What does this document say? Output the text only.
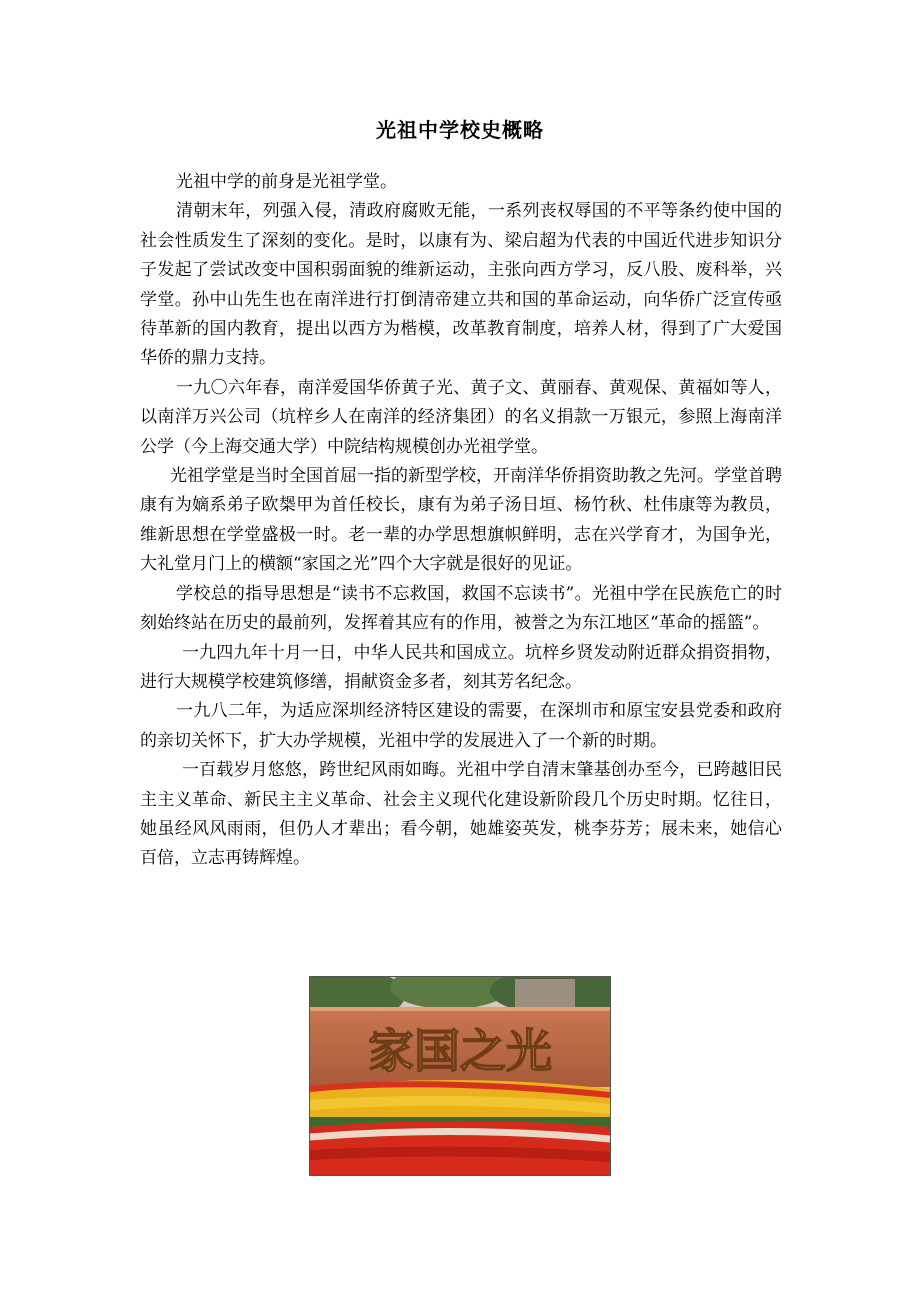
光祖中学校史概略

光祖中学的前身是光祖学堂。

清朝末年，列强入侵，清政府腐败无能，一系列丧权辱国的不平等条约使中国的社会性质发生了深刻的变化。是时，以康有为、梁启超为代表的中国近代进步知识分子发起了尝试改变中国积弱面貌的维新运动，主张向西方学习，反八股、废科举，兴学堂。孙中山先生也在南洋进行打倒清帝建立共和国的革命运动，向华侨广泛宣传亟待革新的国内教育，提出以西方为楷模，改革教育制度，培养人材，得到了广大爱国华侨的鼎力支持。

一九〇六年春，南洋爱国华侨黄子光、黄子文、黄丽春、黄观保、黄福如等人，以南洋万兴公司（坑梓乡人在南洋的经济集团）的名义捐款一万银元，参照上海南洋公学（今上海交通大学）中院结构规模创办光祖学堂。

光祖学堂是当时全国首屈一指的新型学校，开南洋华侨捐资助教之先河。学堂首聘康有为嫡系弟子欧椝甲为首任校长，康有为弟子汤日垣、杨竹秋、杜伟康等为教员，维新思想在学堂盛极一时。老一辈的办学思想旗帜鲜明，志在兴学育才，为国争光，大礼堂月门上的横额“家国之光”四个大字就是很好的见证。

学校总的指导思想是“读书不忘救国，救国不忘读书”。光祖中学在民族危亡的时刻始终站在历史的最前列，发挥着其应有的作用，被誉之为东江地区“革命的摇篮”。

一九四九年十月一日，中华人民共和国成立。坑梓乡贤发动附近群众捐资捐物，进行大规模学校建筑修缮，捐献资金多者，刻其芳名纪念。

一九八二年，为适应深圳经济特区建设的需要，在深圳市和原宝安县党委和政府的亲切关怀下，扩大办学规模，光祖中学的发展进入了一个新的时期。

一百载岁月悠悠，跨世纪风雨如晦。光祖中学自清末肇基创办至今，已跨越旧民主主义革命、新民主主义革命、社会主义现代化建设新阶段几个历史时期。忆往日，她虽经风风雨雨，但仍人才辈出；看今朝，她雄姿英发，桃李芬芳；展未来，她信心百倍，立志再铸辉煌。

家国之光
